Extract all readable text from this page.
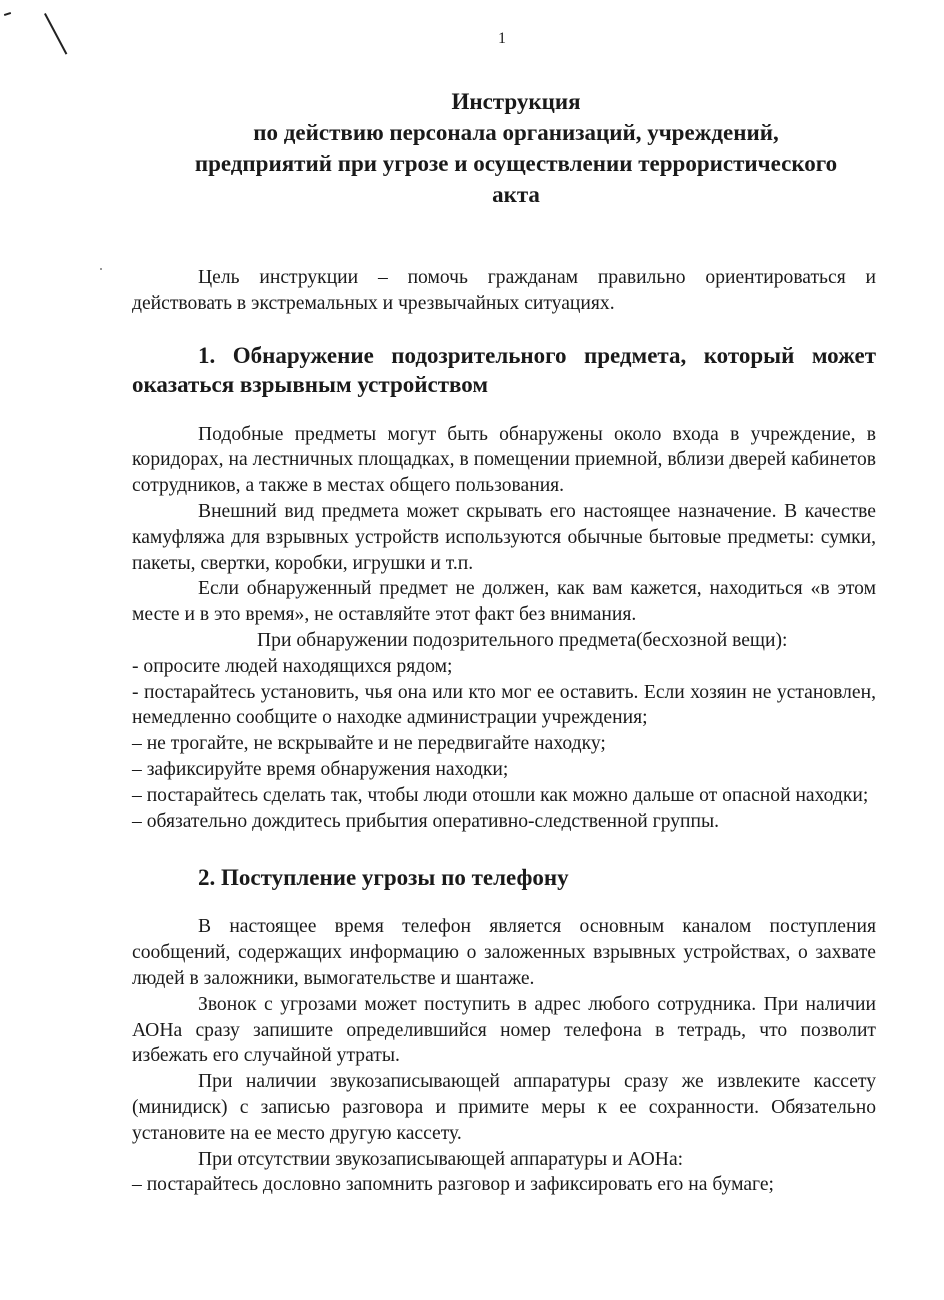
1
Инструкция
по действию персонала организаций, учреждений,
предприятий при угрозе и осуществлении террористического
акта

Цель инструкции – помочь гражданам правильно ориентироваться и действовать в экстремальных и чрезвычайных ситуациях.

1. Обнаружение подозрительного предмета, который может оказаться взрывным устройством

Подобные предметы могут быть обнаружены около входа в учреждение, в коридорах, на лестничных площадках, в помещении приемной, вблизи дверей кабинетов сотрудников, а также в местах общего пользования.

Внешний вид предмета может скрывать его настоящее назначение. В качестве камуфляжа для взрывных устройств используются обычные бытовые предметы: сумки, пакеты, свертки, коробки, игрушки и т.п.

Если обнаруженный предмет не должен, как вам кажется, находиться «в этом месте и в это время», не оставляйте этот факт без внимания.

При обнаружении подозрительного предмета(бесхозной вещи):

- опросите людей находящихся рядом;

- постарайтесь установить, чья она или кто мог ее оставить. Если хозяин не установлен, немедленно сообщите о находке администрации учреждения;

– не трогайте, не вскрывайте и не передвигайте находку;

– зафиксируйте время обнаружения находки;

– постарайтесь сделать так, чтобы люди отошли как можно дальше от опасной находки;

– обязательно дождитесь прибытия оперативно-следственной группы.

2. Поступление угрозы по телефону

В настоящее время телефон является основным каналом поступления сообщений, содержащих информацию о заложенных взрывных устройствах, о захвате людей в заложники, вымогательстве и шантаже.

Звонок с угрозами может поступить в адрес любого сотрудника. При наличии АОНа сразу запишите определившийся номер телефона в тетрадь, что позволит избежать его случайной утраты.

При наличии звукозаписывающей аппаратуры сразу же извлеките кассету (минидиск) с записью разговора и примите меры к ее сохранности. Обязательно установите на ее место другую кассету.

При отсутствии звукозаписывающей аппаратуры и АОНа:

– постарайтесь дословно запомнить разговор и зафиксировать его на бумаге;
